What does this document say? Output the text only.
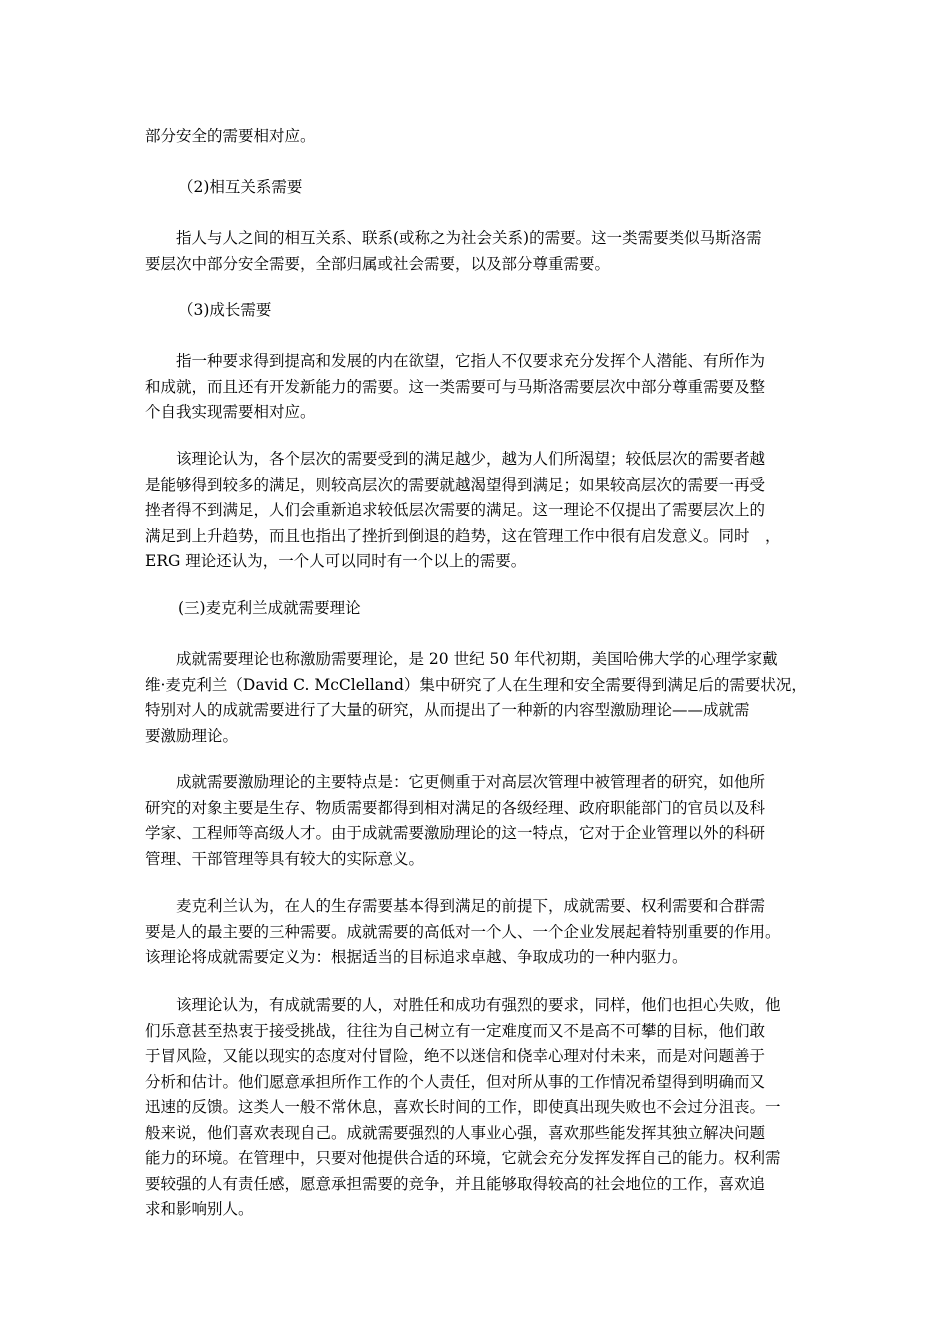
部分安全的需要相对应。

（2)相互关系需要

　　指人与人之间的相互关系、联系(或称之为社会关系)的需要。这一类需要类似马斯洛需
要层次中部分安全需要，全部归属或社会需要，以及部分尊重需要。

（3)成长需要

　　指一种要求得到提高和发展的内在欲望，它指人不仅要求充分发挥个人潜能、有所作为
和成就，而且还有开发新能力的需要。这一类需要可与马斯洛需要层次中部分尊重需要及整
个自我实现需要相对应。

　　该理论认为，各个层次的需要受到的满足越少，越为人们所渴望；较低层次的需要者越
是能够得到较多的满足，则较高层次的需要就越渴望得到满足；如果较高层次的需要一再受
挫者得不到满足，人们会重新追求较低层次需要的满足。这一理论不仅提出了需要层次上的
满足到上升趋势，而且也指出了挫折到倒退的趋势，这在管理工作中很有启发意义。同时　，
ERG 理论还认为，一个人可以同时有一个以上的需要。

(三)麦克利兰成就需要理论

　　成就需要理论也称激励需要理论，是 20 世纪 50 年代初期，美国哈佛大学的心理学家戴
维·麦克利兰（David C. McClelland）集中研究了人在生理和安全需要得到满足后的需要状况，
特别对人的成就需要进行了大量的研究，从而提出了一种新的内容型激励理论——成就需
要激励理论。

　　成就需要激励理论的主要特点是：它更侧重于对高层次管理中被管理者的研究，如他所
研究的对象主要是生存、物质需要都得到相对满足的各级经理、政府职能部门的官员以及科
学家、工程师等高级人才。由于成就需要激励理论的这一特点，它对于企业管理以外的科研
管理、干部管理等具有较大的实际意义。

　　麦克利兰认为，在人的生存需要基本得到满足的前提下，成就需要、权利需要和合群需
要是人的最主要的三种需要。成就需要的高低对一个人、一个企业发展起着特别重要的作用。
该理论将成就需要定义为：根据适当的目标追求卓越、争取成功的一种内驱力。

　　该理论认为，有成就需要的人，对胜任和成功有强烈的要求，同样，他们也担心失败，他
们乐意甚至热衷于接受挑战，往往为自己树立有一定难度而又不是高不可攀的目标，他们敢
于冒风险，又能以现实的态度对付冒险，绝不以迷信和侥幸心理对付未来，而是对问题善于
分析和估计。他们愿意承担所作工作的个人责任，但对所从事的工作情况希望得到明确而又
迅速的反馈。这类人一般不常休息，喜欢长时间的工作，即使真出现失败也不会过分沮丧。一
般来说，他们喜欢表现自己。成就需要强烈的人事业心强，喜欢那些能发挥其独立解决问题
能力的环境。在管理中，只要对他提供合适的环境，它就会充分发挥发挥自己的能力。权利需
要较强的人有责任感，愿意承担需要的竞争，并且能够取得较高的社会地位的工作，喜欢追
求和影响别人。
